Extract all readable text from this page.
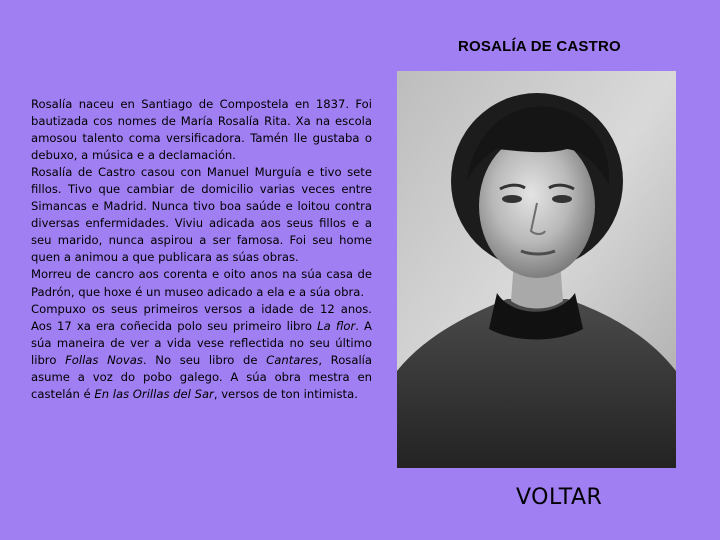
ROSALÍA DE CASTRO

Rosalía naceu en Santiago de Compostela en 1837. Foi bautizada cos nomes de María Rosalía Rita. Xa na escola amosou talento coma versificadora. Tamén lle gustaba o debuxo, a música e a declamación.

Rosalía de Castro casou con Manuel Murguía e tivo sete fillos. Tivo que cambiar de domicilio varias veces entre Simancas e Madrid. Nunca tivo boa saúde e loitou contra diversas enfermidades. Viviu adicada aos seus fillos e a seu marido, nunca aspirou a ser famosa. Foi seu home quen a animou a que publicara as súas obras.

Morreu de cancro aos corenta e oito anos na súa casa de Padrón, que hoxe é un museo adicado a ela e a súa obra.

Compuxo os seus primeiros versos a idade de 12 anos. Aos 17 xa era coñecida polo seu primeiro libro La flor. A súa maneira de ver a vida vese reflectida no seu último libro Follas Novas. No seu libro de Cantares, Rosalía asume a voz do pobo galego. A súa obra mestra en castelán é En las Orillas del Sar, versos de ton intimista.

VOLTAR
